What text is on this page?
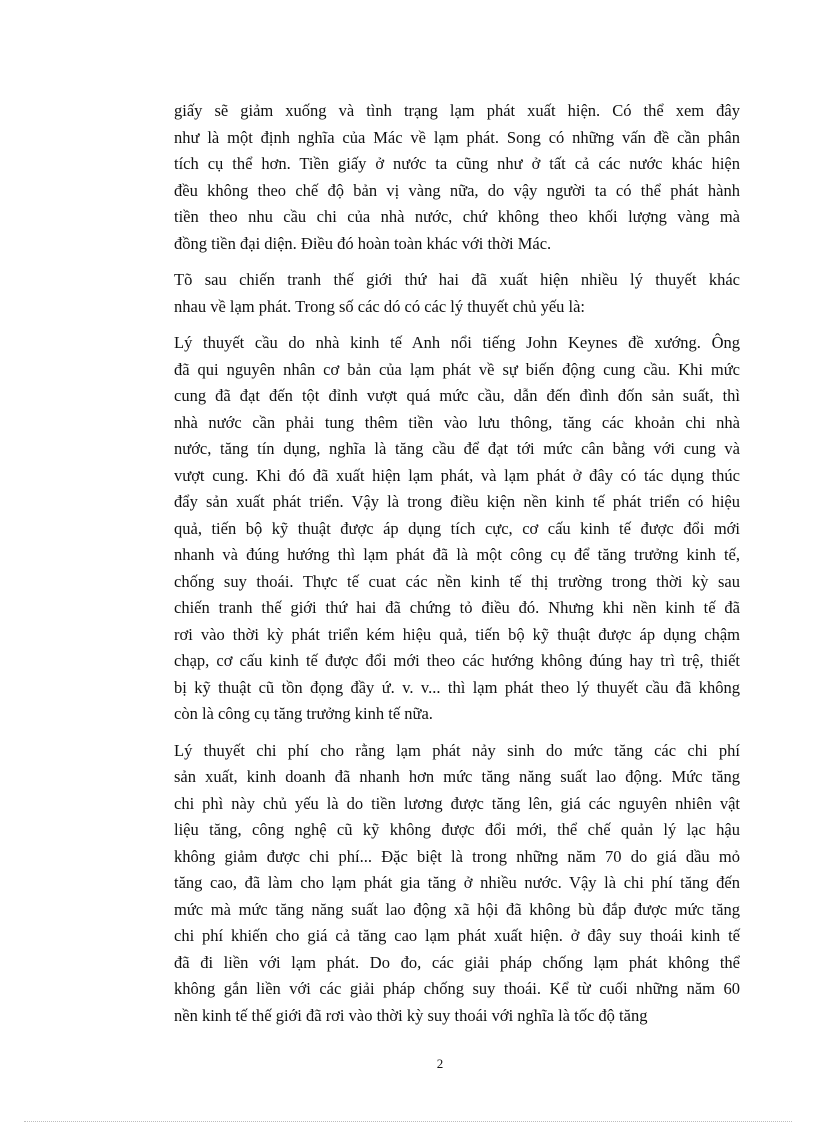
giấy sẽ giảm xuống và tình trạng lạm phát xuất hiện. Có thể xem đây
như là một định nghĩa của Mác về lạm phát. Song có những vấn đề cần phân
tích cụ thể hơn. Tiền giấy ở nước ta cũng như ở tất cả các nước khác hiện
đều không theo chế độ bản vị vàng nữa, do vậy người ta có thể phát hành
tiền theo nhu cầu chi của nhà nước, chứ không theo khối lượng vàng mà
đồng tiền đại diện. Điều đó hoàn toàn khác với thời Mác.

Tõ sau chiến tranh thế giới thứ hai đã xuất hiện nhiều lý thuyết khác
nhau về lạm phát. Trong số các dó có các lý thuyết chủ yếu là:

Lý thuyết cầu do nhà kinh tế Anh nổi tiếng John Keynes đề xướng. Ông
đã qui nguyên nhân cơ bản của lạm phát về sự biến động cung cầu. Khi mức
cung đã đạt đến tột đỉnh vượt quá mức cầu, dẫn đến đình đốn sản suất, thì
nhà nước cần phải tung thêm tiền vào lưu thông, tăng các khoản chi nhà
nước, tăng tín dụng, nghĩa là tăng cầu để đạt tới mức cân bằng với cung và
vượt cung. Khi đó đã xuất hiện lạm phát, và lạm phát ở đây có tác dụng thúc
đẩy sản xuất phát triển. Vậy là trong điều kiện nền kinh tế phát triển có hiệu
quả, tiến bộ kỹ thuật được áp dụng tích cực, cơ cấu kinh tế được đổi mới
nhanh và đúng hướng thì lạm phát đã là một công cụ để tăng trưởng kinh tế,
chống suy thoái. Thực tế cuat các nền kinh tế thị trường trong thời kỳ sau
chiến tranh thế giới thứ hai đã chứng tỏ điều đó. Nhưng khi nền kinh tế đã
rơi vào thời kỳ phát triển kém hiệu quả, tiến bộ kỹ thuật được áp dụng chậm
chạp, cơ cấu kinh tế được đổi mới theo các hướng không đúng hay trì trệ, thiết
bị kỹ thuật cũ tồn đọng đầy ứ. v. v... thì lạm phát theo lý thuyết cầu đã không
còn là công cụ tăng trưởng kinh tế nữa.

Lý thuyết chi phí cho rằng lạm phát nảy sinh do mức tăng các chi phí
sản xuất, kinh doanh đã nhanh hơn mức tăng năng suất lao động. Mức tăng
chi phì này chủ yếu là do tiền lương được tăng lên, giá các nguyên nhiên vật
liệu tăng, công nghệ cũ kỹ không được đổi mới, thể chế quản lý lạc hậu
không giảm được chi phí... Đặc biệt là trong những năm 70 do giá dầu mỏ
tăng cao, đã làm cho lạm phát gia tăng ở nhiều nước. Vậy là chi phí tăng đến
mức mà mức tăng năng suất lao động xã hội đã không bù đắp được mức tăng
chi phí khiến cho giá cả tăng cao lạm phát xuất hiện. ở đây suy thoái kinh tế
đã đi liền với lạm phát. Do đo, các giải pháp chống lạm phát không thể
không gắn liền với các giải pháp chống suy thoái. Kể từ cuối những năm 60
nền kinh tế thế giới đã rơi vào thời kỳ suy thoái với nghĩa là tốc độ tăng

2
